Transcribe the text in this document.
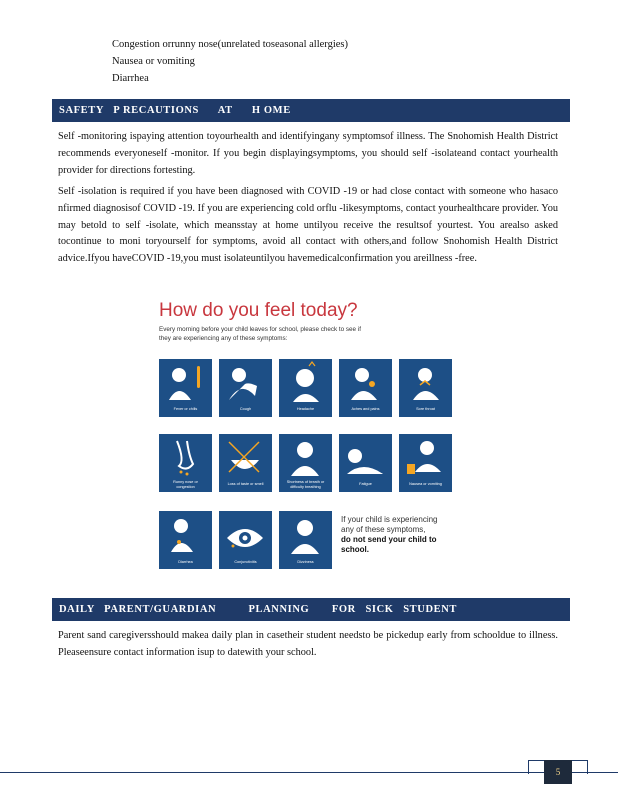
Congestion orrunny nose(unrelated toseasonal allergies)
Nausea or vomiting
Diarrhea
SAFETY   P RECAUTIONS      AT      H OME

Self -monitoring ispaying attention toyourhealth and identifyingany symptomsof illness. The Snohomish Health District recommends everyoneself -monitor. If you begin displayingsymptoms, you should self -isolateand contact yourhealth provider for directions fortesting.

Self -isolation is required if you have been diagnosed with COVID -19 or had close contact with someone who hasaco nfirmed diagnosisof COVID -19. If you are experiencing cold orflu -likesymptoms, contact yourhealthcare provider. You may betold to self -isolate, which meansstay at home untilyou receive the resultsof yourtest. You arealso asked tocontinue to moni toryourself for symptoms, avoid all contact with others,and follow Snohomish Health District advice.Ifyou haveCOVID -19,you must isolateuntilyou havemedicalconfirmation you areillness -free.

How do you feel today?
Every morning before your child leaves for school, please check to see if
they are experiencing any of these symptoms:
Fever or chills	Cough	Headache	Aches and pains	Sore throat
Runny nose or
congestion
Loss of taste or smell	Shortness of breath or
difficulty breathing
Fatigue	Nausea or vomiting
Diarrhea	Conjunctivitis	Dizziness
If your child is experiencing
any of these symptoms,
do not send your child to
school.
DAILY   PARENT/GUARDIAN          PLANNING       FOR   SICK   STUDENT

Parent sand caregiversshould makea daily plan in casetheir student needsto be pickedup early from schooldue to illness. Pleaseensure contact information isup to datewith your school.

5
